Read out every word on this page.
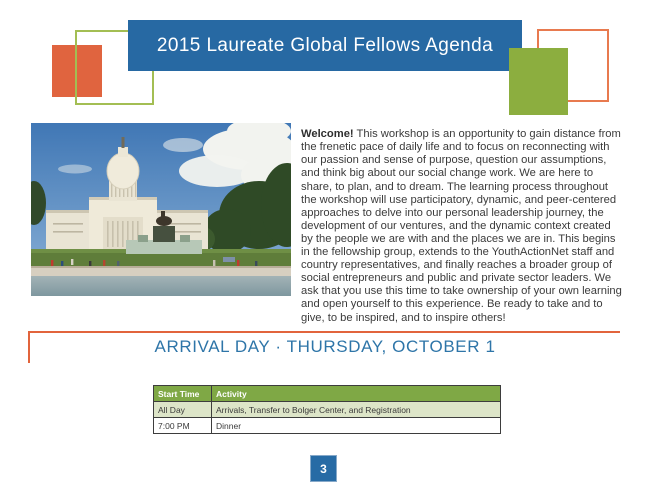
2015 Laureate Global Fellows Agenda

Welcome! This workshop is an opportunity to gain distance from the frenetic pace of daily life and to focus on reconnecting with our passion and sense of purpose, question our assumptions, and think big about our social change work. We are here to share, to plan, and to dream. The learning process throughout the workshop will use participatory, dynamic, and peer-centered approaches to delve into our personal leadership journey, the development of our ventures, and the dynamic context created by the people we are with and the places we are in. This begins in the fellowship group, extends to the YouthActionNet staff and country representatives, and finally reaches a broader group of social entrepreneurs and public and private sector leaders. We ask that you use this time to take ownership of your own learning and open yourself to this experience. Be ready to take and to give, to be inspired, and to inspire others!

ARRIVAL DAY · THURSDAY, OCTOBER 1
Start Time	Activity
All Day	Arrivals, Transfer to Bolger Center, and Registration
7:00 PM	Dinner
3
